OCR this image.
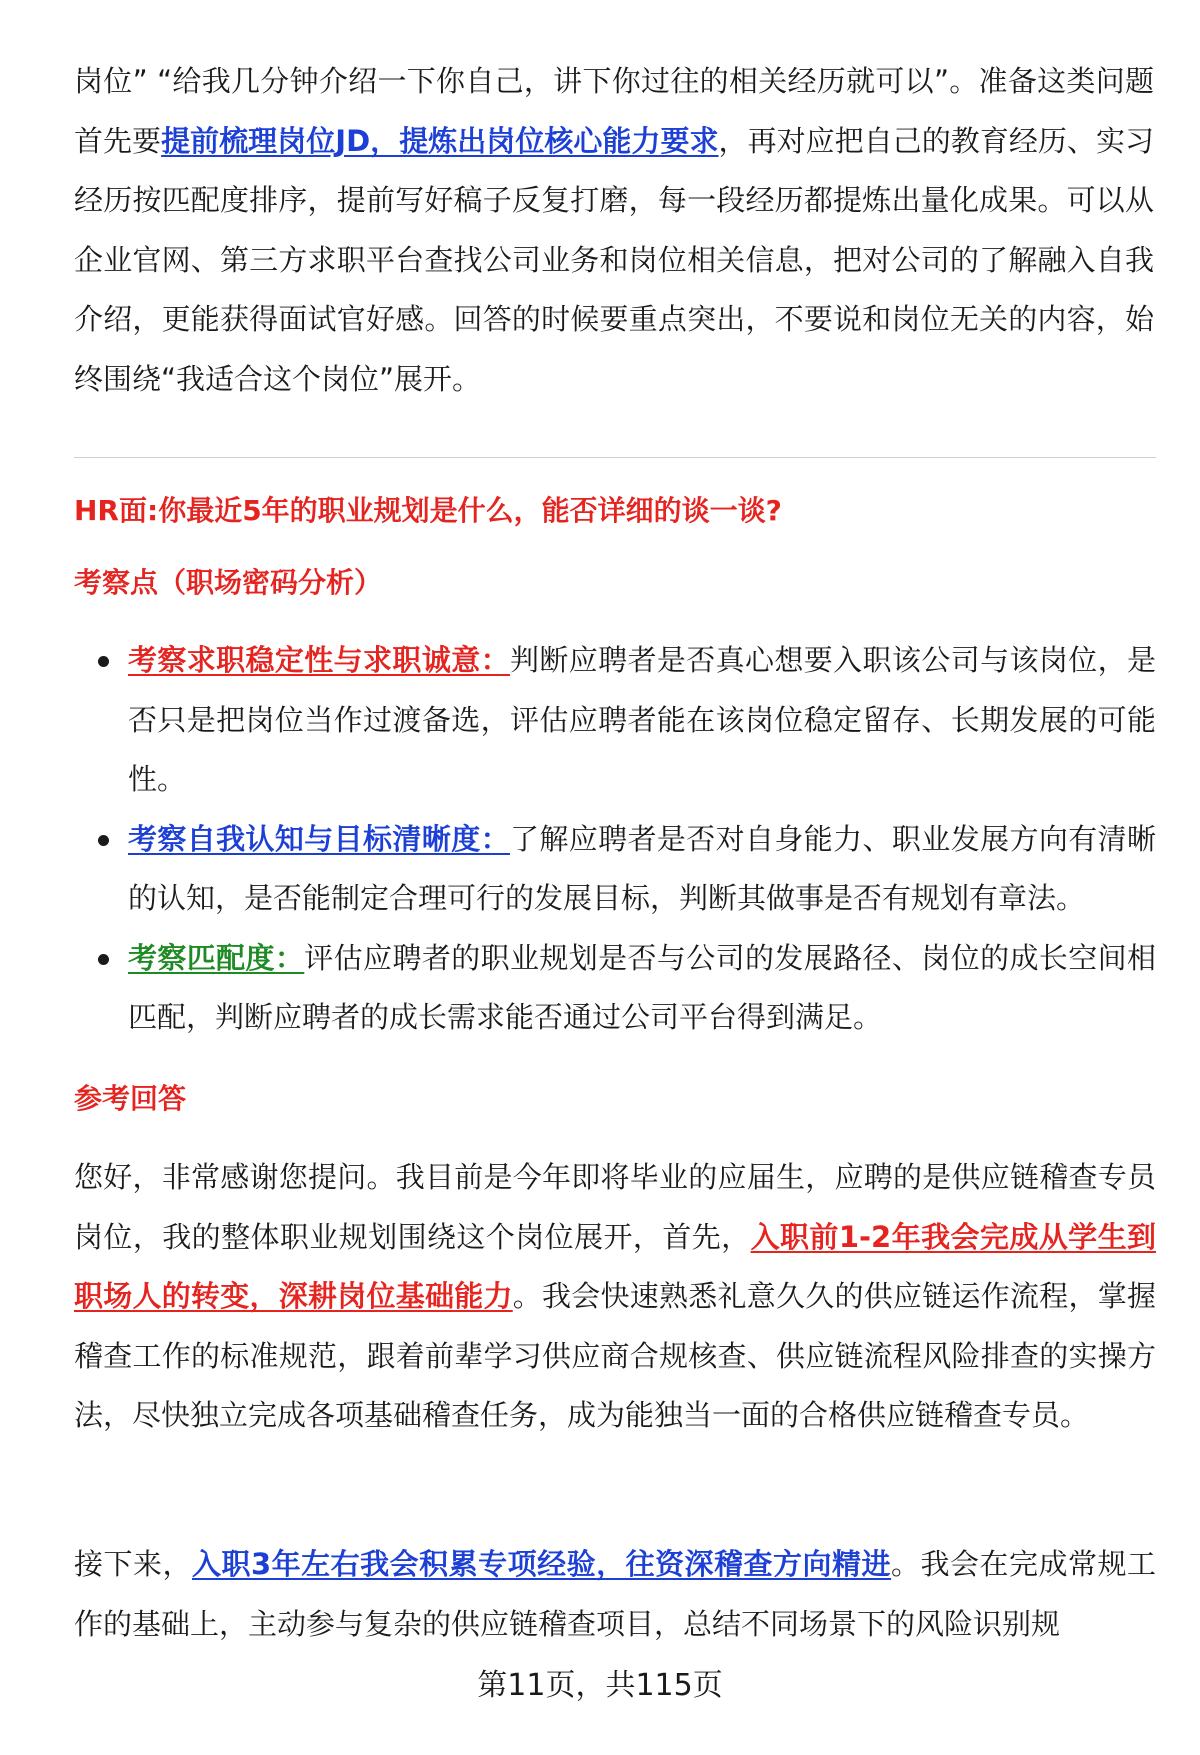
岗位” “给我几分钟介绍一下你自己，讲下你过往的相关经历就可以”。准备这类问题首先要提前梳理岗位JD，提炼出岗位核心能力要求，再对应把自己的教育经历、实习经历按匹配度排序，提前写好稿子反复打磨，每一段经历都提炼出量化成果。可以从企业官网、第三方求职平台查找公司业务和岗位相关信息，把对公司的了解融入自我介绍，更能获得面试官好感。回答的时候要重点突出，不要说和岗位无关的内容，始终围绕“我适合这个岗位”展开。

HR面:你最近5年的职业规划是什么，能否详细的谈一谈?
考察点（职场密码分析）
考察求职稳定性与求职诚意：判断应聘者是否真心想要入职该公司与该岗位，是否只是把岗位当作过渡备选，评估应聘者能在该岗位稳定留存、长期发展的可能性。
考察自我认知与目标清晰度：了解应聘者是否对自身能力、职业发展方向有清晰的认知，是否能制定合理可行的发展目标，判断其做事是否有规划有章法。
考察匹配度：评估应聘者的职业规划是否与公司的发展路径、岗位的成长空间相匹配，判断应聘者的成长需求能否通过公司平台得到满足。
参考回答

您好，非常感谢您提问。我目前是今年即将毕业的应届生，应聘的是供应链稽查专员岗位，我的整体职业规划围绕这个岗位展开，首先，入职前1-2年我会完成从学生到职场人的转变，深耕岗位基础能力。我会快速熟悉礼意久久的供应链运作流程，掌握稽查工作的标准规范，跟着前辈学习供应商合规核查、供应链流程风险排查的实操方法，尽快独立完成各项基础稽查任务，成为能独当一面的合格供应链稽查专员。

接下来，入职3年左右我会积累专项经验，往资深稽查方向精进。我会在完成常规工作的基础上，主动参与复杂的供应链稽查项目，总结不同场景下的风险识别规

第11页，共115页
